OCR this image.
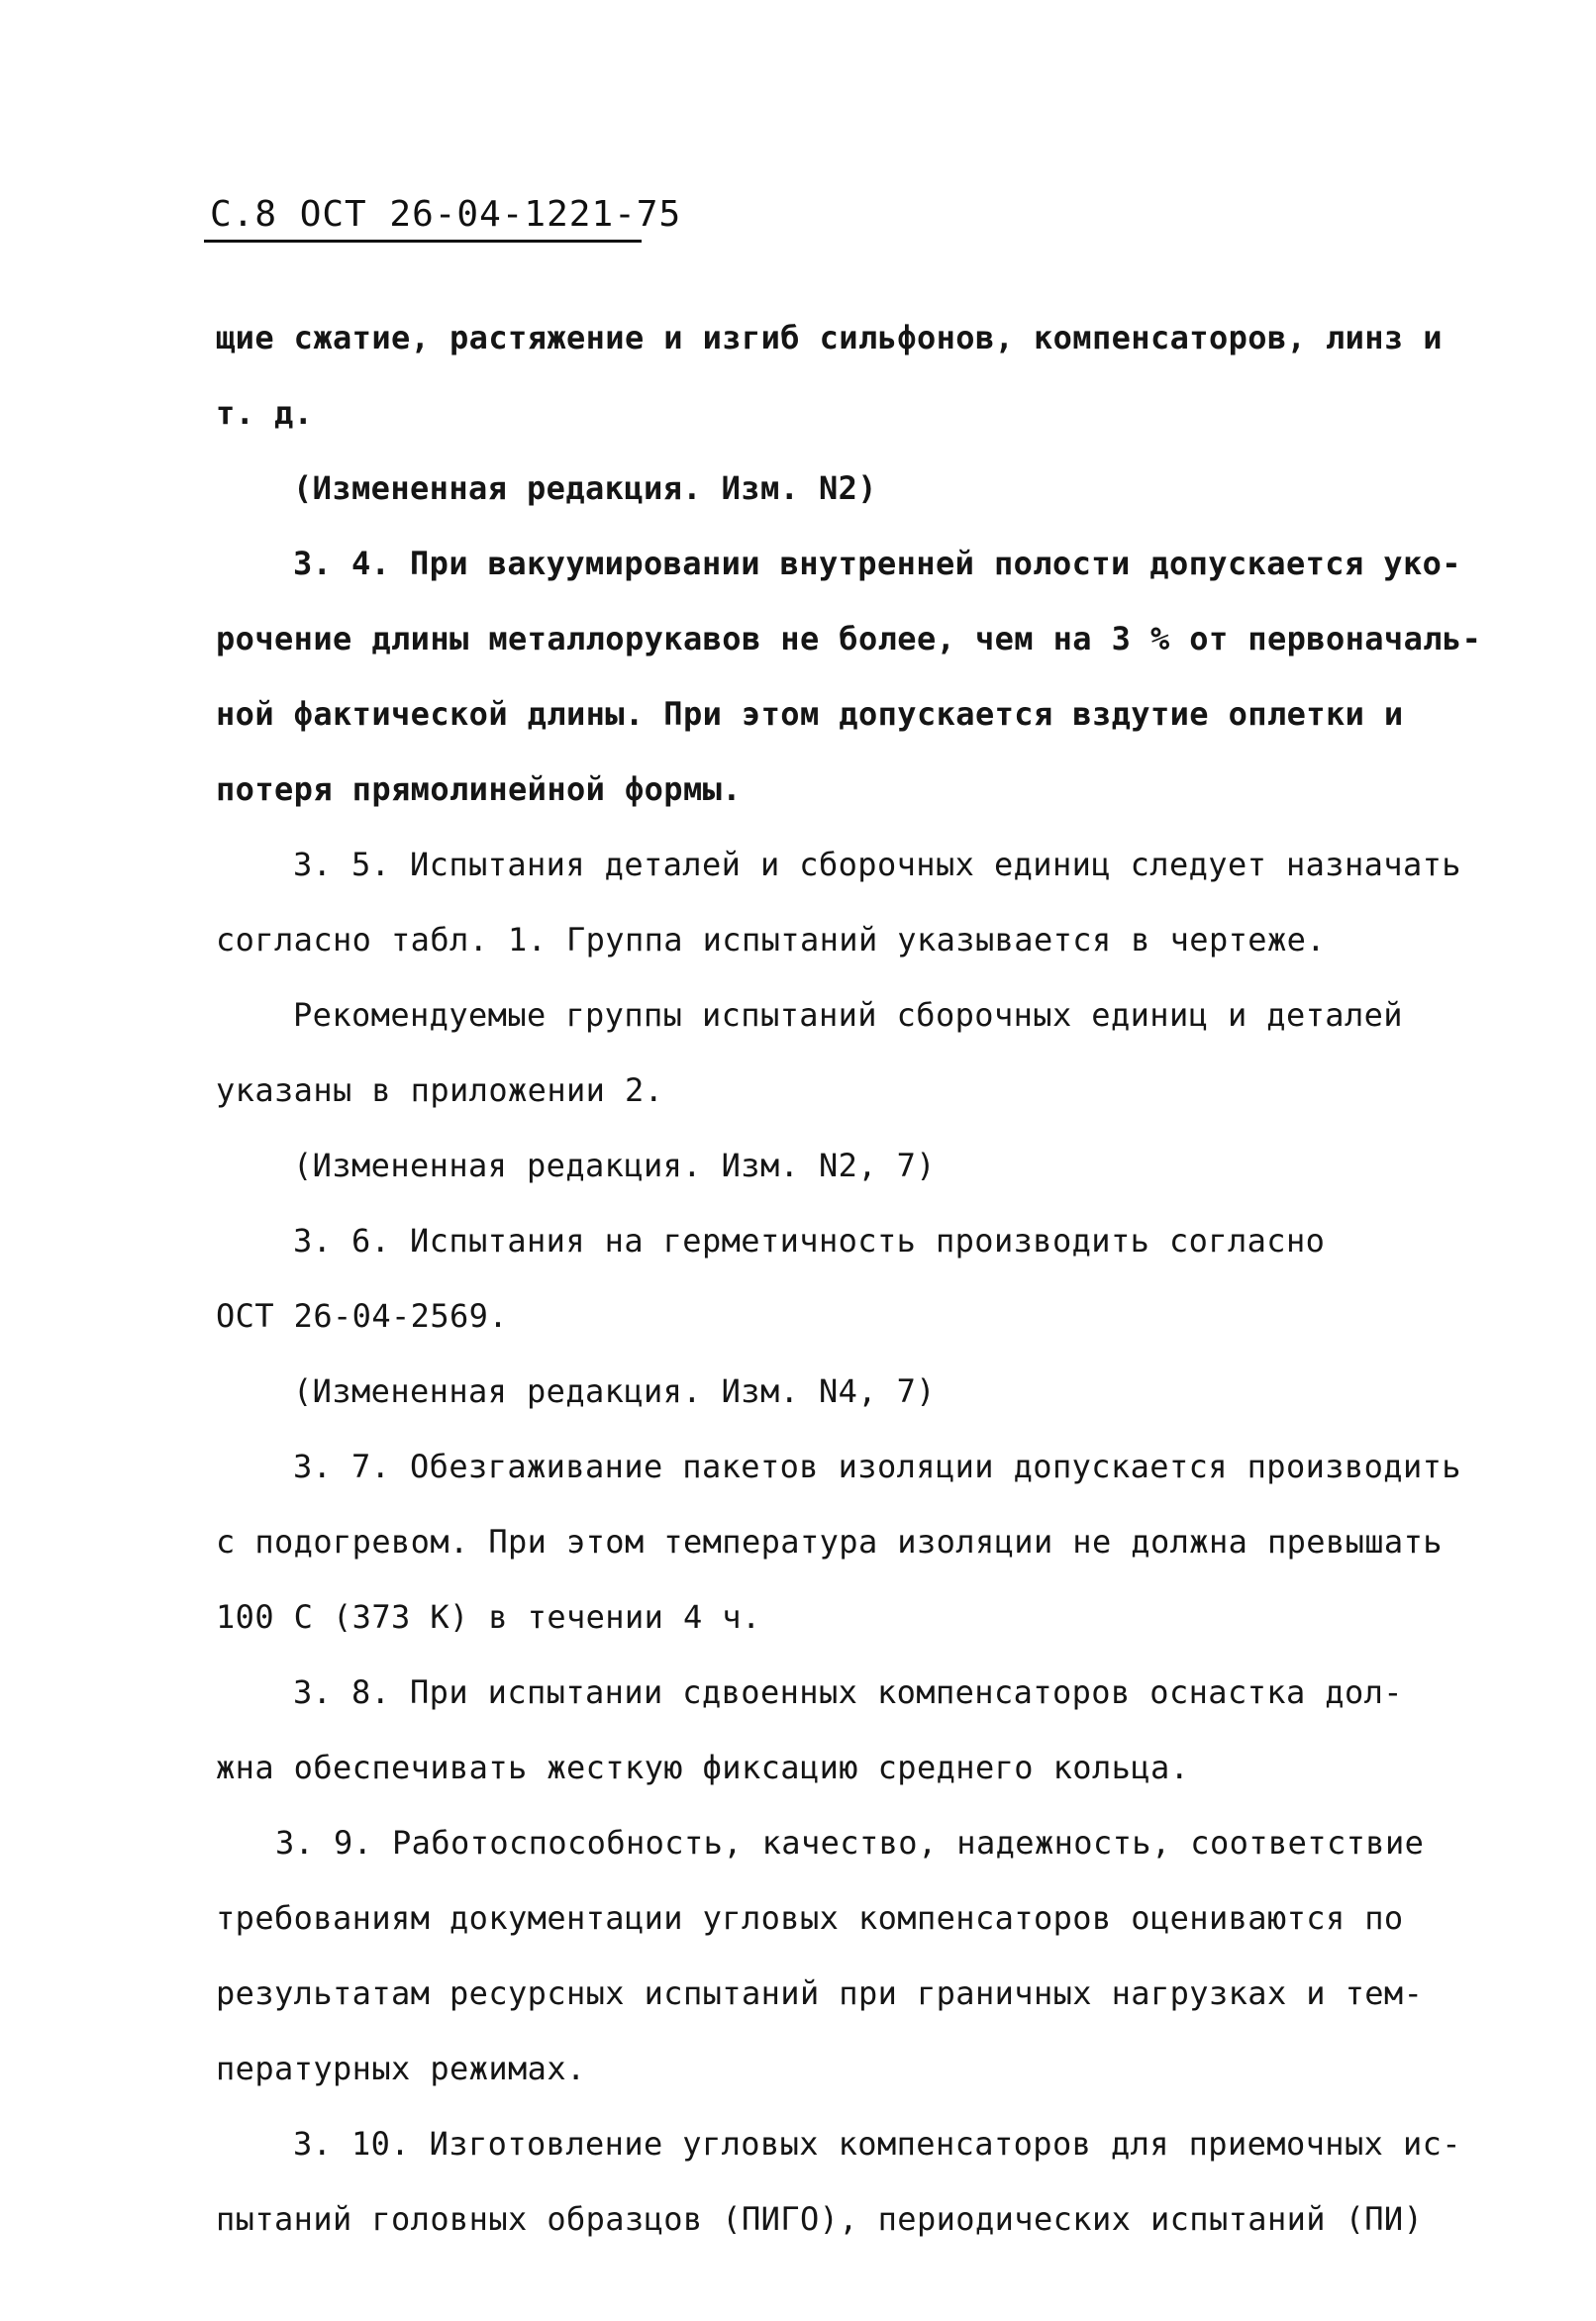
С.8 ОСТ 26-04-1221-75
щие сжатие, растяжение и изгиб сильфонов, компенсаторов, линз и
т. д.
(Измененная редакция. Изм. N2)
3. 4. При вакуумировании внутренней полости допускается уко-
рочение длины металлорукавов не более, чем на 3 % от первоначаль-
ной фактической длины. При этом допускается вздутие оплетки и
потеря прямолинейной формы.
3. 5. Испытания деталей и сборочных единиц следует назначать
согласно табл. 1. Группа испытаний указывается в чертеже.
Рекомендуемые группы испытаний сборочных единиц и деталей
указаны в приложении 2.
(Измененная редакция. Изм. N2, 7)
3. 6. Испытания на герметичность производить согласно
ОСТ 26-04-2569.
(Измененная редакция. Изм. N4, 7)
3. 7. Обезгаживание пакетов изоляции допускается производить
с подогревом. При этом температура изоляции не должна превышать
100 С (373 К) в течении 4 ч.
3. 8. При испытании сдвоенных компенсаторов оснастка дол-
жна обеспечивать жесткую фиксацию среднего кольца.
3. 9. Работоспособность, качество, надежность, соответствие
требованиям документации угловых компенсаторов оцениваются по
результатам ресурсных испытаний при граничных нагрузках и тем-
пературных режимах.
3. 10. Изготовление угловых компенсаторов для приемочных ис-
пытаний головных образцов (ПИГО), периодических испытаний (ПИ)
